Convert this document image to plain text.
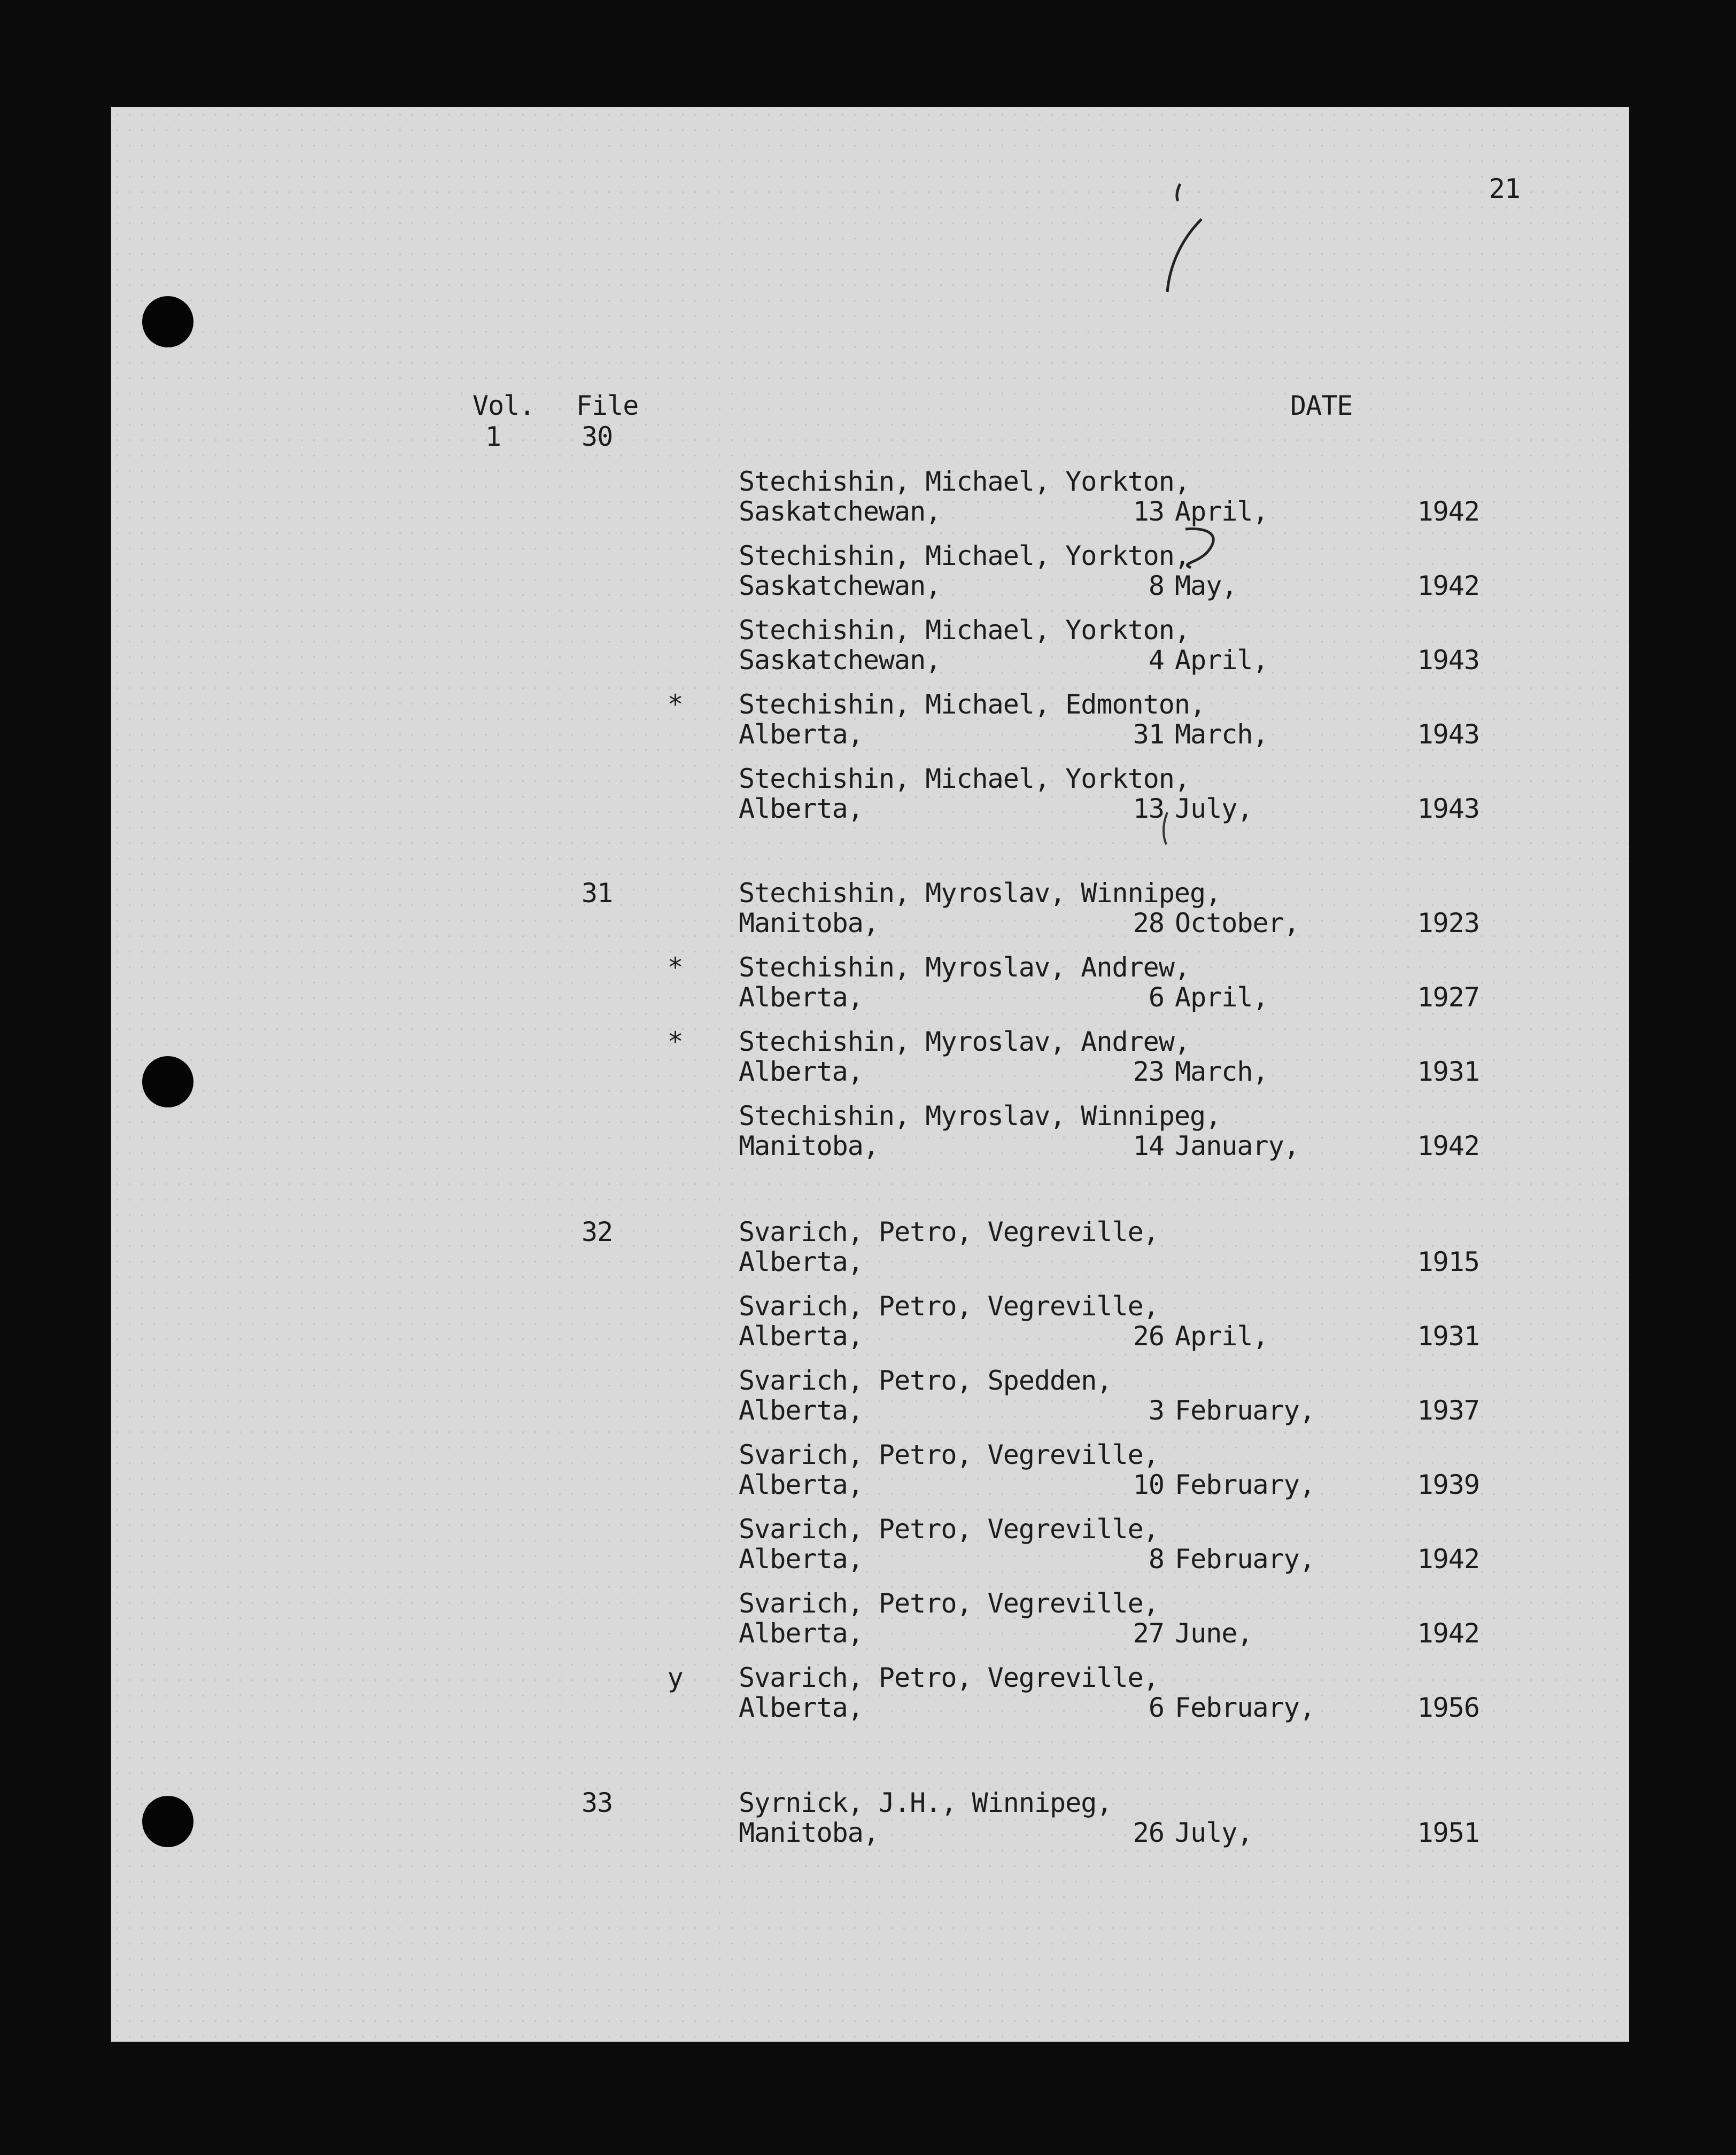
21
Vol. File	DATE
1	30
Stechishin, Michael, Yorkton,
Saskatchewan,	13 April,	1942
Stechishin, Michael, Yorkton,
Saskatchewan,	8 May,	1942
Stechishin, Michael, Yorkton,
Saskatchewan,	4 April,	1943
* Stechishin, Michael, Edmonton,
Alberta,	31 March,	1943
Stechishin, Michael, Yorkton,
Alberta,	13 July,	1943
31	Stechishin, Myroslav, Winnipeg,
Manitoba,	28 October,	1923
* Stechishin, Myroslav, Andrew,
Alberta,	6 April,	1927
* Stechishin, Myroslav, Andrew,
Alberta,	23 March,	1931
Stechishin, Myroslav, Winnipeg,
Manitoba,	14 January,	1942
32	Svarich, Petro, Vegreville,
Alberta,	1915
Svarich, Petro, Vegreville,
Alberta,	26 April,	1931
Svarich, Petro, Spedden,
Alberta,	3 February,	1937
Svarich, Petro, Vegreville,
Alberta,	10 February,	1939
Svarich, Petro, Vegreville,
Alberta,	8 February,	1942
Svarich, Petro, Vegreville,
Alberta,	27 June,	1942
y Svarich, Petro, Vegreville,
Alberta,	6 February,	1956
33	Syrnick, J.H., Winnipeg,
Manitoba,	26 July,	1951
